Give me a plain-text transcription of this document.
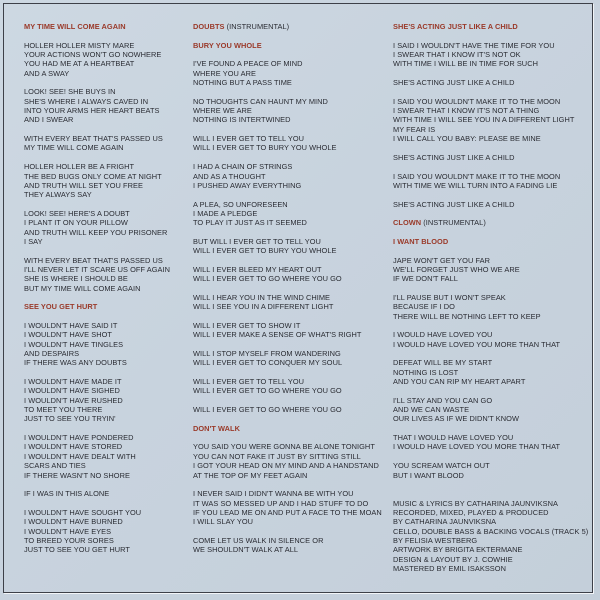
MY TIME WILL COME AGAIN
HOLLER HOLLER MISTY MARE
YOUR ACTIONS WON'T GO NOWHERE
YOU HAD ME AT A HEARTBEAT
AND A SWAY
LOOK! SEE! SHE BUYS IN
SHE'S WHERE I ALWAYS CAVED IN
INTO YOUR ARMS HER HEART BEATS
AND I SWEAR
WITH EVERY BEAT THAT'S PASSED US
MY TIME WILL COME AGAIN
HOLLER HOLLER BE A FRIGHT
THE BED BUGS ONLY COME AT NIGHT
AND TRUTH WILL SET YOU FREE
THEY ALWAYS SAY
LOOK! SEE! HERE'S A DOUBT
I PLANT IT ON YOUR PILLOW
AND TRUTH WILL KEEP YOU PRISONER
I SAY
WITH EVERY BEAT THAT'S PASSED US
I'LL NEVER LET IT SCARE US OFF AGAIN
SHE IS WHERE I SHOULD BE
BUT MY TIME WILL COME AGAIN
SEE YOU GET HURT
I WOULDN'T HAVE SAID IT
I WOULDN'T HAVE SHOT
I WOULDN'T HAVE TINGLES
AND DESPAIRS
IF THERE WAS ANY DOUBTS
I WOULDN'T HAVE MADE IT
I WOULDN'T HAVE SIGHED
I WOULDN'T HAVE RUSHED
TO MEET YOU THERE
JUST TO SEE YOU TRYIN'
I WOULDN'T HAVE PONDERED
I WOULDN'T HAVE STORED
I WOULDN'T HAVE DEALT WITH
SCARS AND TIES
IF THERE WASN'T NO SHORE
IF I WAS IN THIS ALONE
I WOULDN'T HAVE SOUGHT YOU
I WOULDN'T HAVE BURNED
I WOULDN'T HAVE EYES
TO BREED YOUR SORES
JUST TO SEE YOU GET HURT
DOUBTS (INSTRUMENTAL)
BURY YOU WHOLE
I'VE FOUND A PEACE OF MIND
WHERE YOU ARE
NOTHING BUT A PASS TIME
NO THOUGHTS CAN HAUNT MY MIND
WHERE WE ARE
NOTHING IS INTERTWINED
WILL I EVER GET TO TELL YOU
WILL I EVER GET TO BURY YOU WHOLE
I HAD A CHAIN OF STRINGS
AND AS A THOUGHT
I PUSHED AWAY EVERYTHING
A PLEA, SO UNFORESEEN
I MADE A PLEDGE
TO PLAY IT JUST AS IT SEEMED
BUT WILL I EVER GET TO TELL YOU
WILL I EVER GET TO BURY YOU WHOLE
WILL I EVER BLEED MY HEART OUT
WILL I EVER GET TO GO WHERE YOU GO
WILL I HEAR YOU IN THE WIND CHIME
WILL I SEE YOU IN A DIFFERENT LIGHT
WILL I EVER GET TO SHOW IT
WILL I EVER MAKE A SENSE OF WHAT'S RIGHT
WILL I STOP MYSELF FROM WANDERING
WILL I EVER GET TO CONQUER MY SOUL
WILL I EVER GET TO TELL YOU
WILL I EVER GET TO GO WHERE YOU GO
WILL I EVER GET TO GO WHERE YOU GO
DON'T WALK
YOU SAID YOU WERE GONNA BE ALONE TONIGHT
YOU CAN NOT FAKE IT JUST BY SITTING STILL
I GOT YOUR HEAD ON MY MIND AND A HANDSTAND
AT THE TOP OF MY FEET AGAIN
I NEVER SAID I DIDN'T WANNA BE WITH YOU
IT WAS SO MESSED UP AND I HAD STUFF TO DO
IF YOU LEAD ME ON AND PUT A FACE TO THE MOAN
I WILL SLAY YOU
COME LET US WALK IN SILENCE OR
WE SHOULDN'T WALK AT ALL
SHE'S ACTING JUST LIKE A CHILD
I SAID I WOULDN'T HAVE THE TIME FOR YOU
I SWEAR THAT I KNOW IT'S NOT OK
WITH TIME I WILL BE IN TIME FOR SUCH
SHE'S ACTING JUST LIKE A CHILD
I SAID YOU WOULDN'T MAKE IT TO THE MOON
I SWEAR THAT I KNOW IT'S NOT A THING
WITH TIME I WILL SEE YOU IN A DIFFERENT LIGHT
MY FEAR IS
I WILL CALL YOU BABY: PLEASE BE MINE
SHE'S ACTING JUST LIKE A CHILD
I SAID YOU WOULDN'T MAKE IT TO THE MOON
WITH TIME WE WILL TURN INTO A FADING LIE
SHE'S ACTING JUST LIKE A CHILD
CLOWN (INSTRUMENTAL)
I WANT BLOOD
JAPE WON'T GET YOU FAR
WE'LL FORGET JUST WHO WE ARE
IF WE DON'T FALL
I'LL PAUSE BUT I WON'T SPEAK
BECAUSE IF I DO
THERE WILL BE NOTHING LEFT TO KEEP
I WOULD HAVE LOVED YOU
I WOULD HAVE LOVED YOU MORE THAN THAT
DEFEAT WILL BE MY START
NOTHING IS LOST
AND YOU CAN RIP MY HEART APART
I'LL STAY AND YOU CAN GO
AND WE CAN WASTE
OUR LIVES AS IF WE DIDN'T KNOW
THAT I WOULD HAVE LOVED YOU
I WOULD HAVE LOVED YOU MORE THAN THAT
YOU SCREAM WATCH OUT
BUT I WANT BLOOD
MUSIC & LYRICS BY CATHARINA JAUNVIKSNA
RECORDED, MIXED, PLAYED & PRODUCED
BY CATHARINA JAUNVIKSNA
CELLO, DOUBLE BASS & BACKING VOCALS (TRACK 5)
BY FELISIA WESTBERG
ARTWORK BY BRIGITA EKTERMANE
DESIGN & LAYOUT BY J. COWHIE
MASTERED BY EMIL ISAKSSON
